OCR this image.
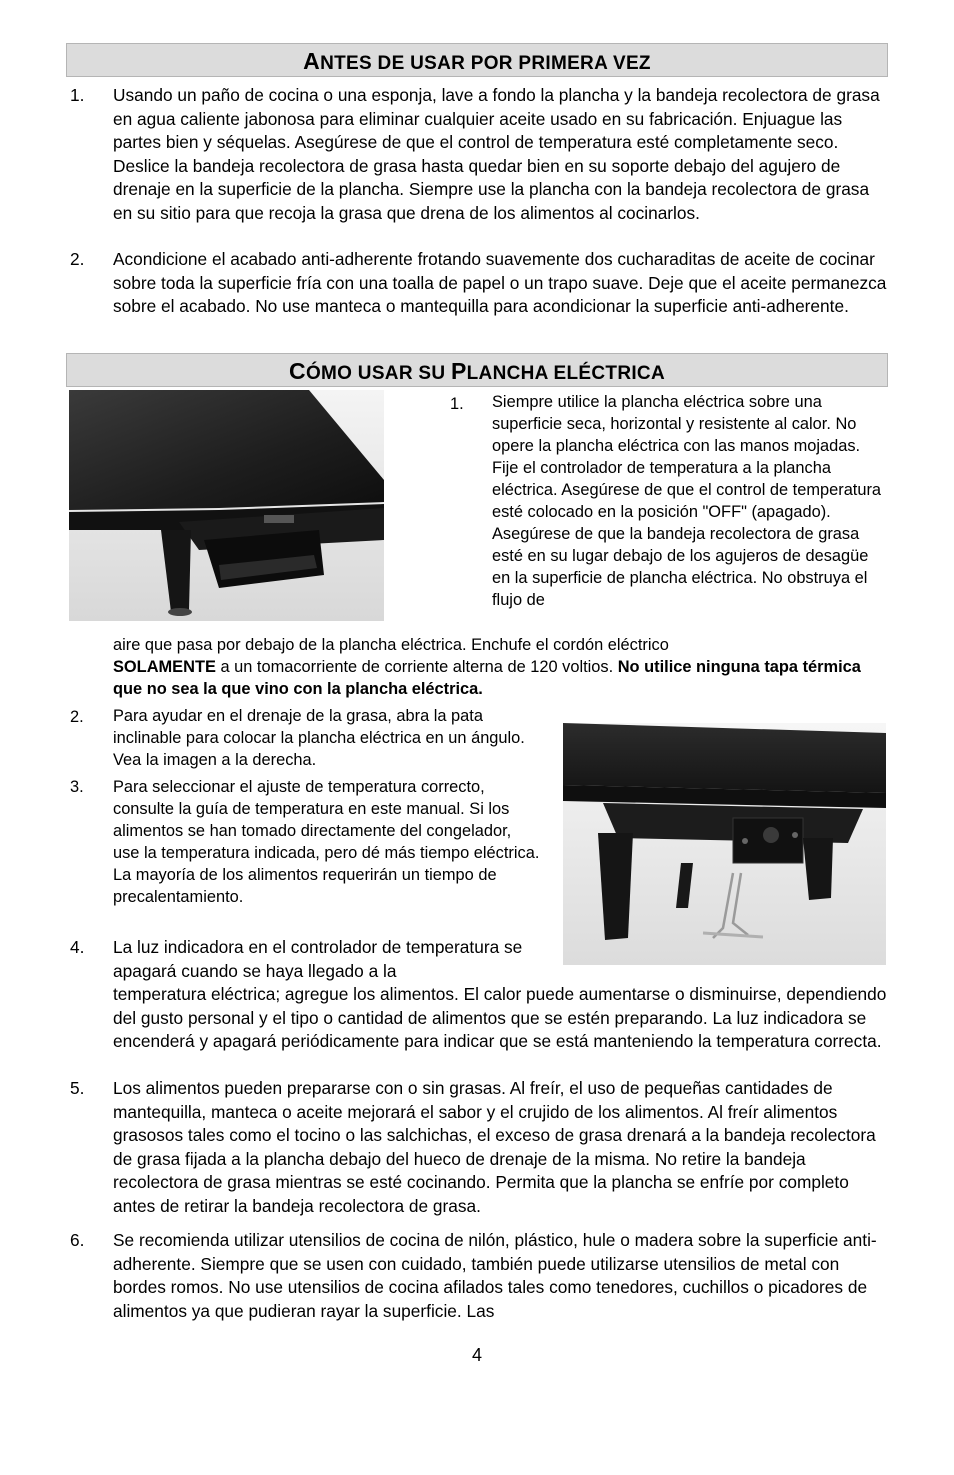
ANTES DE USAR POR PRIMERA VEZ
1. Usando un paño de cocina o una esponja, lave a fondo la plancha y la bandeja recolectora de grasa en agua caliente jabonosa para eliminar cualquier aceite usado en su fabricación. Enjuague las partes bien y séquelas. Asegúrese de que el control de temperatura esté completamente seco. Deslice la bandeja recolectora de grasa hasta quedar bien en su soporte debajo del agujero de drenaje en la superficie de la plancha. Siempre use la plancha con la bandeja recolectora de grasa en su sitio para que recoja la grasa que drena de los alimentos al cocinarlos.
2. Acondicione el acabado anti-adherente frotando suavemente dos cucharaditas de aceite de cocinar sobre toda la superficie fría con una toalla de papel o un trapo suave. Deje que el aceite permanezca sobre el acabado. No use manteca o mantequilla para acondicionar la superficie anti-adherente.
CÓMO USAR SU PLANCHA ELÉCTRICA
1. Siempre utilice la plancha eléctrica sobre una superficie seca, horizontal y resistente al calor. No opere la plancha eléctrica con las manos mojadas. Fije el controlador de temperatura a la plancha eléctrica. Asegúrese de que el control de temperatura esté colocado en la posición "OFF" (apagado). Asegúrese de que la bandeja recolectora de grasa esté en su lugar debajo de los agujeros de desagüe en la superficie de plancha eléctrica. No obstruya el flujo de
aire que pasa por debajo de la plancha eléctrica. Enchufe el cordón eléctrico
SOLAMENTE a un tomacorriente de corriente alterna de 120 voltios. No utilice ninguna tapa térmica que no sea la que vino con la plancha eléctrica.
2. Para ayudar en el drenaje de la grasa, abra la pata inclinable para colocar la plancha eléctrica en un ángulo. Vea la imagen a la derecha.
3. Para seleccionar el ajuste de temperatura correcto, consulte la guía de temperatura en este manual. Si los alimentos se han tomado directamente del congelador, use la temperatura indicada, pero dé más tiempo eléctrica. La mayoría de los alimentos requerirán un tiempo de precalentamiento.
4. La luz indicadora en el controlador de temperatura se apagará cuando se haya llegado a la
temperatura eléctrica; agregue los alimentos. El calor puede aumentarse o disminuirse, dependiendo del gusto personal y el tipo o cantidad de alimentos que se estén preparando. La luz indicadora se encenderá y apagará periódicamente para indicar que se está manteniendo la temperatura correcta.
5. Los alimentos pueden prepararse con o sin grasas. Al freír, el uso de pequeñas cantidades de mantequilla, manteca o aceite mejorará el sabor y el crujido de los alimentos. Al freír alimentos grasosos tales como el tocino o las salchichas, el exceso de grasa drenará a la bandeja recolectora de grasa fijada a la plancha debajo del hueco de drenaje de la misma. No retire la bandeja recolectora de grasa mientras se esté cocinando. Permita que la plancha se enfríe por completo antes de retirar la bandeja recolectora de grasa.
6. Se recomienda utilizar utensilios de cocina de nilón, plástico, hule o madera sobre la superficie anti-adherente. Siempre que se usen con cuidado, también puede utilizarse utensilios de metal con bordes romos. No use utensilios de cocina afilados tales como tenedores, cuchillos o picadores de alimentos ya que pudieran rayar la superficie. Las
4
